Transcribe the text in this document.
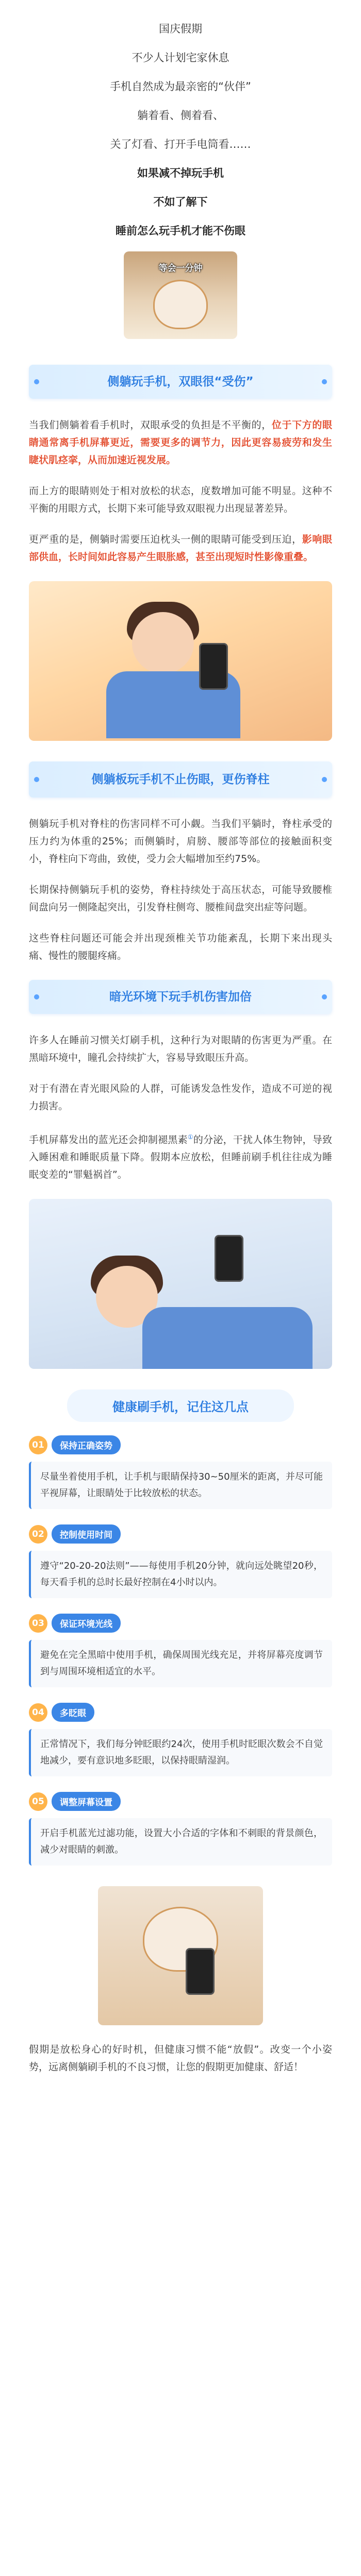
国庆假期

不少人计划宅家休息

手机自然成为最亲密的“伙伴”

躺着看、侧着看、

关了灯看、打开手电筒看……

如果减不掉玩手机

不如了解下

睡前怎么玩手机才能不伤眼

等会一分钟
侧躺玩手机，双眼很“受伤”

当我们侧躺着看手机时，双眼承受的负担是不平衡的，位于下方的眼睛通常离手机屏幕更近，需要更多的调节力，因此更容易疲劳和发生睫状肌痉挛，从而加速近视发展。

而上方的眼睛则处于相对放松的状态，度数增加可能不明显。这种不平衡的用眼方式，长期下来可能导致双眼视力出现显著差异。

更严重的是，侧躺时需要压迫枕头一侧的眼睛可能受到压迫，影响眼部供血，长时间如此容易产生眼胀感，甚至出现短时性影像重叠。

侧躺板玩手机不止伤眼，更伤脊柱

侧躺玩手机对脊柱的伤害同样不可小觑。当我们平躺时，脊柱承受的压力约为体重的25%；而侧躺时，肩膀、腰部等部位的接触面积变小，脊柱向下弯曲，致使，受力会大幅增加至约75%。

长期保持侧躺玩手机的姿势，脊柱持续处于高压状态，可能导致腰椎间盘向另一侧隆起突出，引发脊柱侧弯、腰椎间盘突出症等问题。

这些脊柱问题还可能会并出现颈椎关节功能紊乱，长期下来出现头痛、慢性的腰腿疼痛。

暗光环境下玩手机伤害加倍

许多人在睡前习惯关灯刷手机，这种行为对眼睛的伤害更为严重。在黑暗环境中，瞳孔会持续扩大，容易导致眼压升高。

对于有潜在青光眼风险的人群，可能诱发急性发作，造成不可逆的视力损害。

手机屏幕发出的蓝光还会抑制褪黑素①的分泌，干扰人体生物钟，导致入睡困难和睡眠质量下降。假期本应放松，但睡前刷手机往往成为睡眠变差的“罪魁祸首”。

健康刷手机，记住这几点
01	保持正确姿势
尽量坐着使用手机，让手机与眼睛保持30~50厘米的距离，并尽可能平视屏幕，让眼睛处于比较放松的状态。
02	控制使用时间
遵守“20-20-20法则”——每使用手机20分钟，就向远处眺望20秒，每天看手机的总时长最好控制在4小时以内。
03	保证环境光线
避免在完全黑暗中使用手机，确保周围光线充足，并将屏幕亮度调节到与周围环境相适宜的水平。
04	多眨眼
正常情况下，我们每分钟眨眼约24次，使用手机时眨眼次数会不自觉地减少，要有意识地多眨眼，以保持眼睛湿润。
05	调整屏幕设置
开启手机蓝光过滤功能，设置大小合适的字体和不刺眼的背景颜色，减少对眼睛的刺激。

假期是放松身心的好时机，但健康习惯不能“放假”。改变一个小姿势，远离侧躺刷手机的不良习惯，让您的假期更加健康、舒适！
